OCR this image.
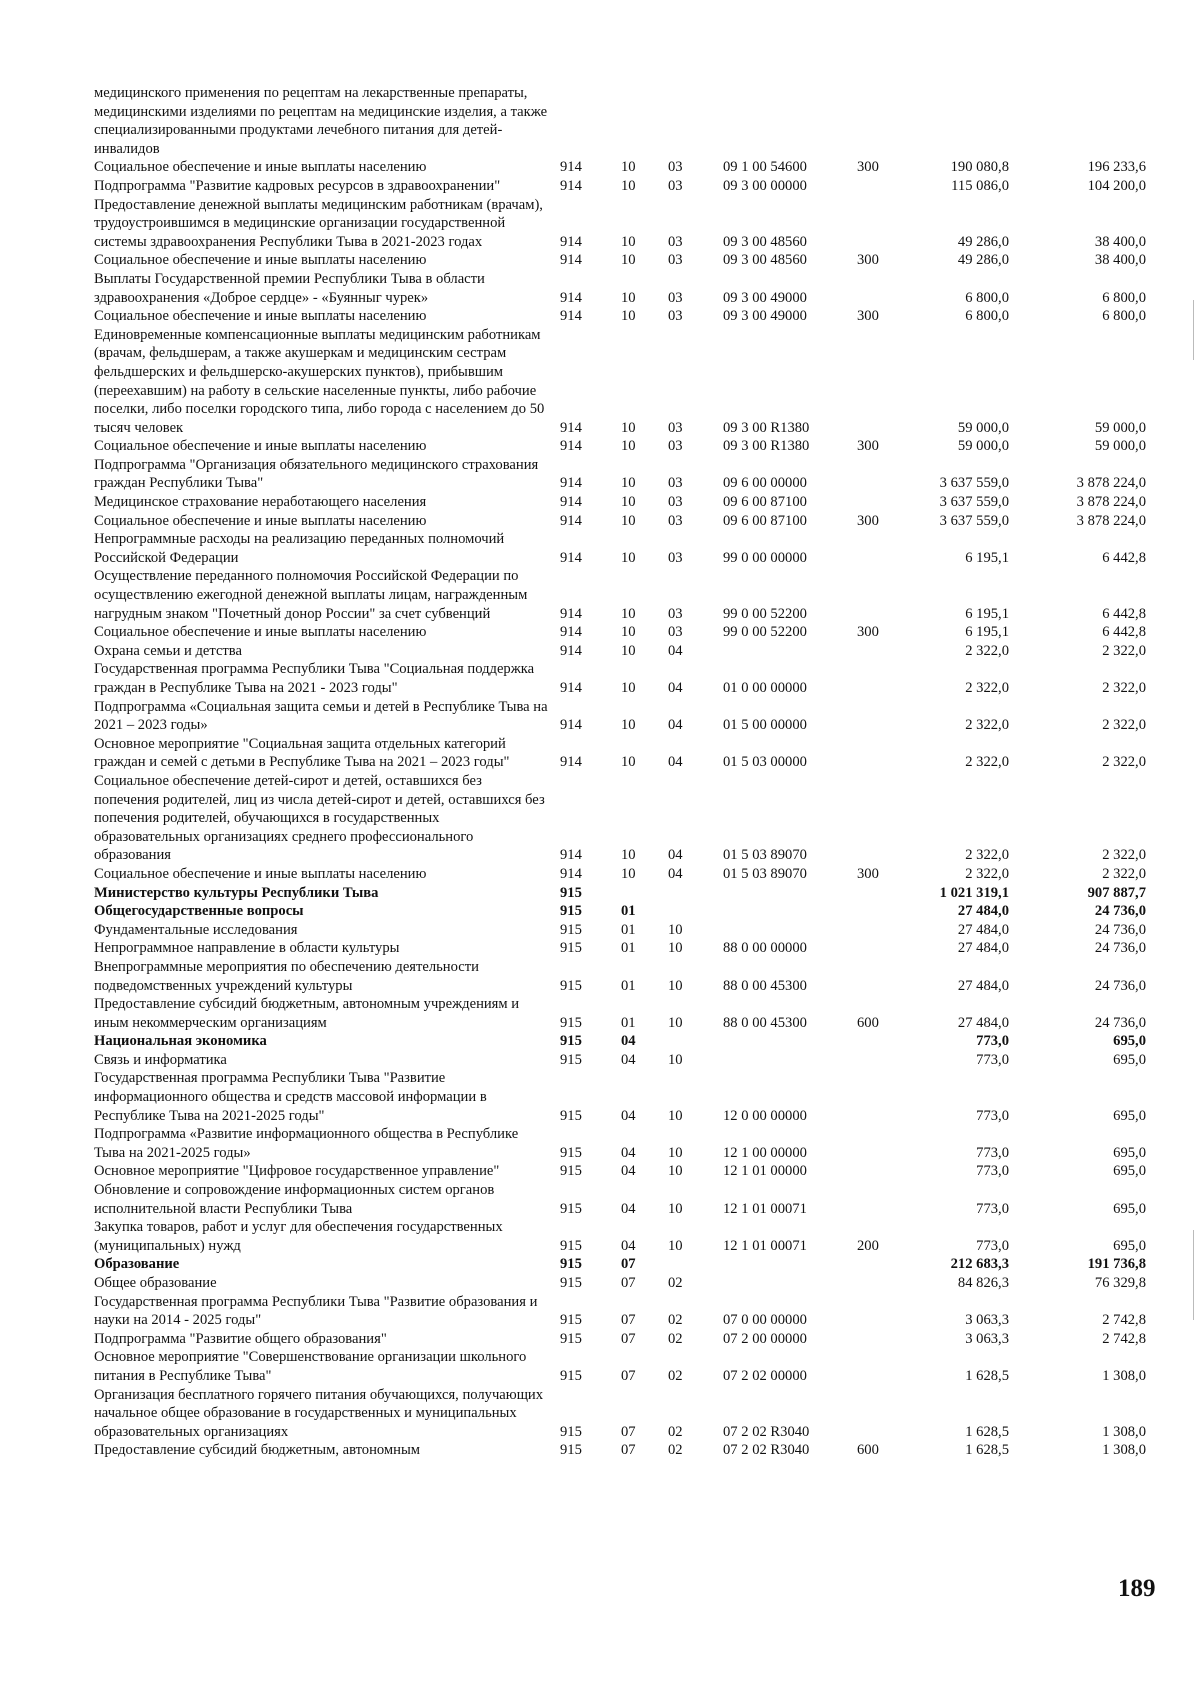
медицинского применения по рецептам на лекарственные препараты, медицинскими изделиями по рецептам на медицинские изделия, а также специализированными продуктами лечебного питания для детей-инвалидов
Социальное обеспечение и иные выплаты населению	914	10 03	09 1 00 54600	300	190 080,8	196 233,6
Подпрограмма "Развитие кадровых ресурсов в здравоохранении"	914	10 03	09 3 00 00000	115 086,0	104 200,0
Предоставление денежной выплаты медицинским работникам (врачам), трудоустроившимся в медицинские организации государственной системы здравоохранения Республики Тыва в 2021-2023 годах	914	10 03	09 3 00 48560	49 286,0	38 400,0
Социальное обеспечение и иные выплаты населению	914	10 03	09 3 00 48560	300	49 286,0	38 400,0
Выплаты Государственной премии Республики Тыва в области здравоохранения «Доброе сердце» - «Буянныг чурек»	914	10 03	09 3 00 49000	6 800,0	6 800,0
Социальное обеспечение и иные выплаты населению	914	10 03	09 3 00 49000	300	6 800,0	6 800,0
Единовременные компенсационные выплаты медицинским работникам (врачам, фельдшерам, а также акушеркам и медицинским сестрам фельдшерских и фельдшерско-акушерских пунктов), прибывшим (переехавшим) на работу в сельские населенные пункты, либо рабочие поселки, либо поселки городского типа, либо города с населением до 50 тысяч человек	914	10 03	09 3 00 R1380	59 000,0	59 000,0
Социальное обеспечение и иные выплаты населению	914	10 03	09 3 00 R1380	300	59 000,0	59 000,0
Подпрограмма "Организация обязательного медицинского страхования граждан Республики Тыва"	914	10 03	09 6 00 00000	3 637 559,0	3 878 224,0
Медицинское страхование неработающего населения	914	10 03	09 6 00 87100	3 637 559,0	3 878 224,0
Социальное обеспечение и иные выплаты населению	914	10 03	09 6 00 87100	300	3 637 559,0	3 878 224,0
Непрограммные расходы на реализацию переданных полномочий Российской Федерации	914	10 03	99 0 00 00000	6 195,1	6 442,8
Осуществление переданного полномочия Российской Федерации по осуществлению ежегодной денежной выплаты лицам, награжденным нагрудным знаком "Почетный донор России" за счет субвенций	914	10 03	99 0 00 52200	6 195,1	6 442,8
Социальное обеспечение и иные выплаты населению	914	10 03	99 0 00 52200	300	6 195,1	6 442,8
Охрана семьи и детства	914	10 04	2 322,0	2 322,0
Государственная программа Республики Тыва "Социальная поддержка граждан в Республике Тыва на 2021 - 2023 годы"	914	10 04	01 0 00 00000	2 322,0	2 322,0
Подпрограмма «Социальная защита семьи и детей в Республике Тыва на 2021 – 2023 годы»	914	10 04	01 5 00 00000	2 322,0	2 322,0
Основное мероприятие "Социальная защита отдельных категорий граждан и семей с детьми в Республике Тыва на 2021 – 2023 годы"	914	10 04	01 5 03 00000	2 322,0	2 322,0
Социальное обеспечение детей-сирот и детей, оставшихся без попечения родителей, лиц из числа детей-сирот и детей, оставшихся без попечения родителей, обучающихся в государственных образовательных организациях среднего профессионального образования	914	10 04	01 5 03 89070	2 322,0	2 322,0
Социальное обеспечение и иные выплаты населению	914	10 04	01 5 03 89070	300	2 322,0	2 322,0
Министерство культуры Республики Тыва	915	1 021 319,1	907 887,7
Общегосударственные вопросы	915	01	27 484,0	24 736,0
Фундаментальные исследования	915	01 10	27 484,0	24 736,0
Непрограммное направление в области культуры	915	01 10	88 0 00 00000	27 484,0	24 736,0
Внепрограммные мероприятия по обеспечению деятельности подведомственных учреждений культуры	915	01 10	88 0 00 45300	27 484,0	24 736,0
Предоставление субсидий бюджетным, автономным учреждениям и иным некоммерческим организациям	915	01 10	88 0 00 45300	600	27 484,0	24 736,0
Национальная экономика	915	04	773,0	695,0
Связь и информатика	915	04 10	773,0	695,0
Государственная программа Республики Тыва "Развитие информационного общества и средств массовой информации в Республике Тыва на 2021-2025 годы"	915	04 10	12 0 00 00000	773,0	695,0
Подпрограмма «Развитие информационного общества в Республике Тыва на 2021-2025 годы»	915	04 10	12 1 00 00000	773,0	695,0
Основное мероприятие "Цифровое государственное управление"	915	04 10	12 1 01 00000	773,0	695,0
Обновление и сопровождение информационных систем органов исполнительной власти Республики Тыва	915	04 10	12 1 01 00071	773,0	695,0
Закупка товаров, работ и услуг для обеспечения государственных (муниципальных) нужд	915	04 10	12 1 01 00071	200	773,0	695,0
Образование	915	07	212 683,3	191 736,8
Общее образование	915	07 02	84 826,3	76 329,8
Государственная программа Республики Тыва "Развитие образования и науки на 2014 - 2025 годы"	915	07 02	07 0 00 00000	3 063,3	2 742,8
Подпрограмма "Развитие общего образования"	915	07 02	07 2 00 00000	3 063,3	2 742,8
Основное мероприятие "Совершенствование организации школьного питания в Республике Тыва"	915	07 02	07 2 02 00000	1 628,5	1 308,0
Организация бесплатного горячего питания обучающихся, получающих начальное общее образование в государственных и муниципальных образовательных организациях	915	07 02	07 2 02 R3040	1 628,5	1 308,0
Предоставление субсидий бюджетным, автономным	915	07 02	07 2 02 R3040	600	1 628,5	1 308,0
189
